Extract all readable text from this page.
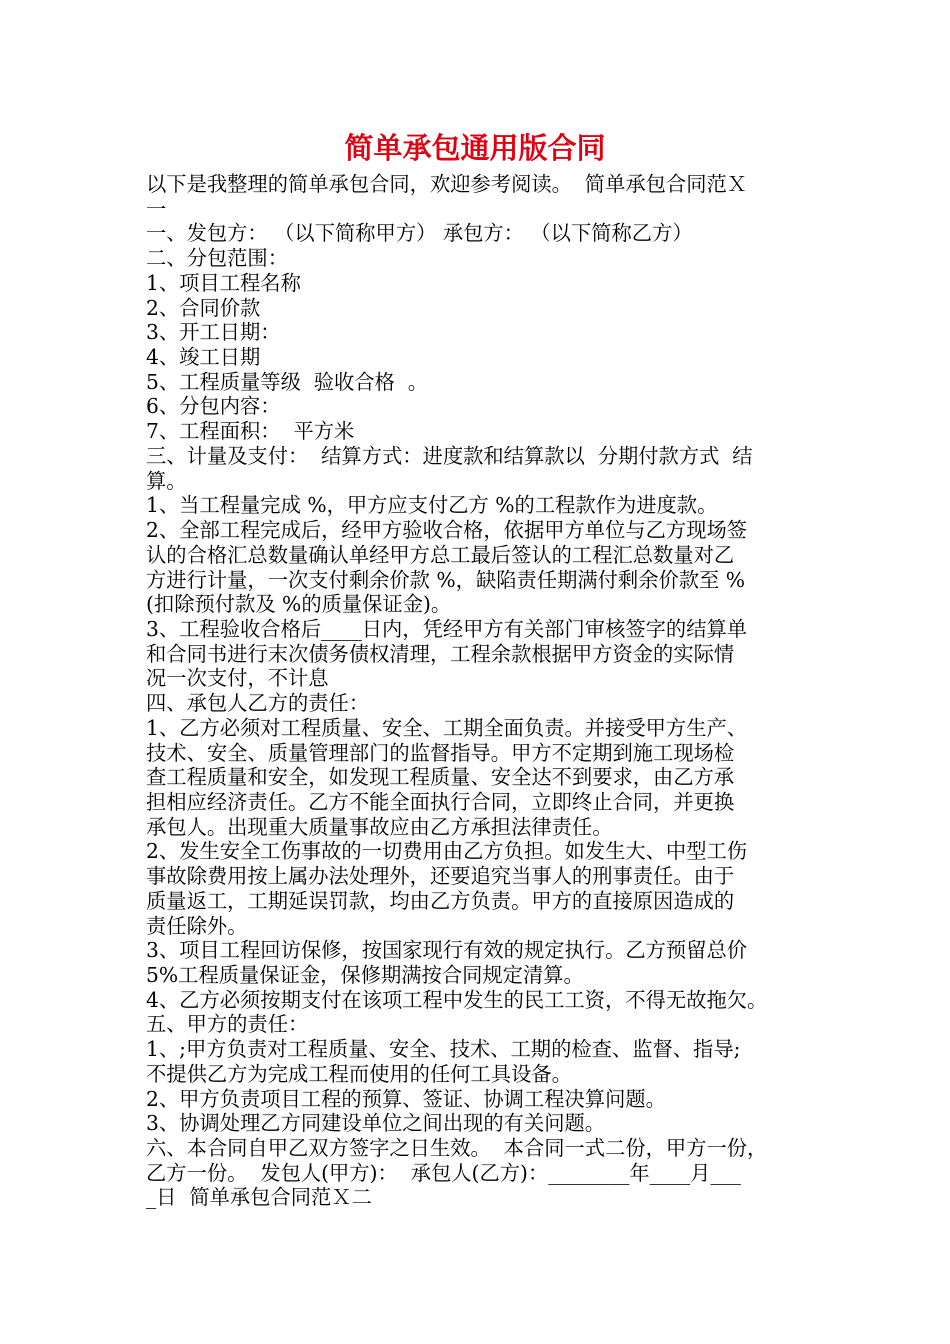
简单承包通用版合同
以下是我整理的简单承包合同，欢迎参考阅读。  简单承包合同范Ｘ
一
一、发包方： （以下简称甲方） 承包方： （以下简称乙方）
二、分包范围：
1、项目工程名称
2、合同价款
3、开工日期：
4、竣工日期
5、工程质量等级  验收合格  。
6、分包内容：
7、工程面积：  平方米
三、计量及支付：  结算方式：进度款和结算款以  分期付款方式  结
算。
1、当工程量完成 %，甲方应支付乙方 %的工程款作为进度款。
2、全部工程完成后，经甲方验收合格，依据甲方单位与乙方现场签
认的合格汇总数量确认单经甲方总工最后签认的工程汇总数量对乙
方进行计量，一次支付剩余价款 %，缺陷责任期满付剩余价款至 %
(扣除预付款及 %的质量保证金)。
3、工程验收合格后____日内，凭经甲方有关部门审核签字的结算单
和合同书进行末次债务债权清理，工程余款根据甲方资金的实际情
况一次支付，不计息
四、承包人乙方的责任：
1、乙方必须对工程质量、安全、工期全面负责。并接受甲方生产、
技术、安全、质量管理部门的监督指导。甲方不定期到施工现场检
查工程质量和安全，如发现工程质量、安全达不到要求，由乙方承
担相应经济责任。乙方不能全面执行合同，立即终止合同，并更换
承包人。出现重大质量事故应由乙方承担法律责任。
2、发生安全工伤事故的一切费用由乙方负担。如发生大、中型工伤
事故除费用按上属办法处理外，还要追究当事人的刑事责任。由于
质量返工，工期延误罚款，均由乙方负责。甲方的直接原因造成的
责任除外。
3、项目工程回访保修，按国家现行有效的规定执行。乙方预留总价
5%工程质量保证金，保修期满按合同规定清算。
4、乙方必须按期支付在该项工程中发生的民工工资，不得无故拖欠。
五、甲方的责任：
1、;甲方负责对工程质量、安全、技术、工期的检查、监督、指导;
不提供乙方为完成工程而使用的任何工具设备。
2、甲方负责项目工程的预算、签证、协调工程决算问题。
3、协调处理乙方同建设单位之间出现的有关问题。
六、本合同自甲乙双方签字之日生效。  本合同一式二份，甲方一份，
乙方一份。  发包人(甲方)：  承包人(乙方)：________年____月___
_日  简单承包合同范Ｘ二
